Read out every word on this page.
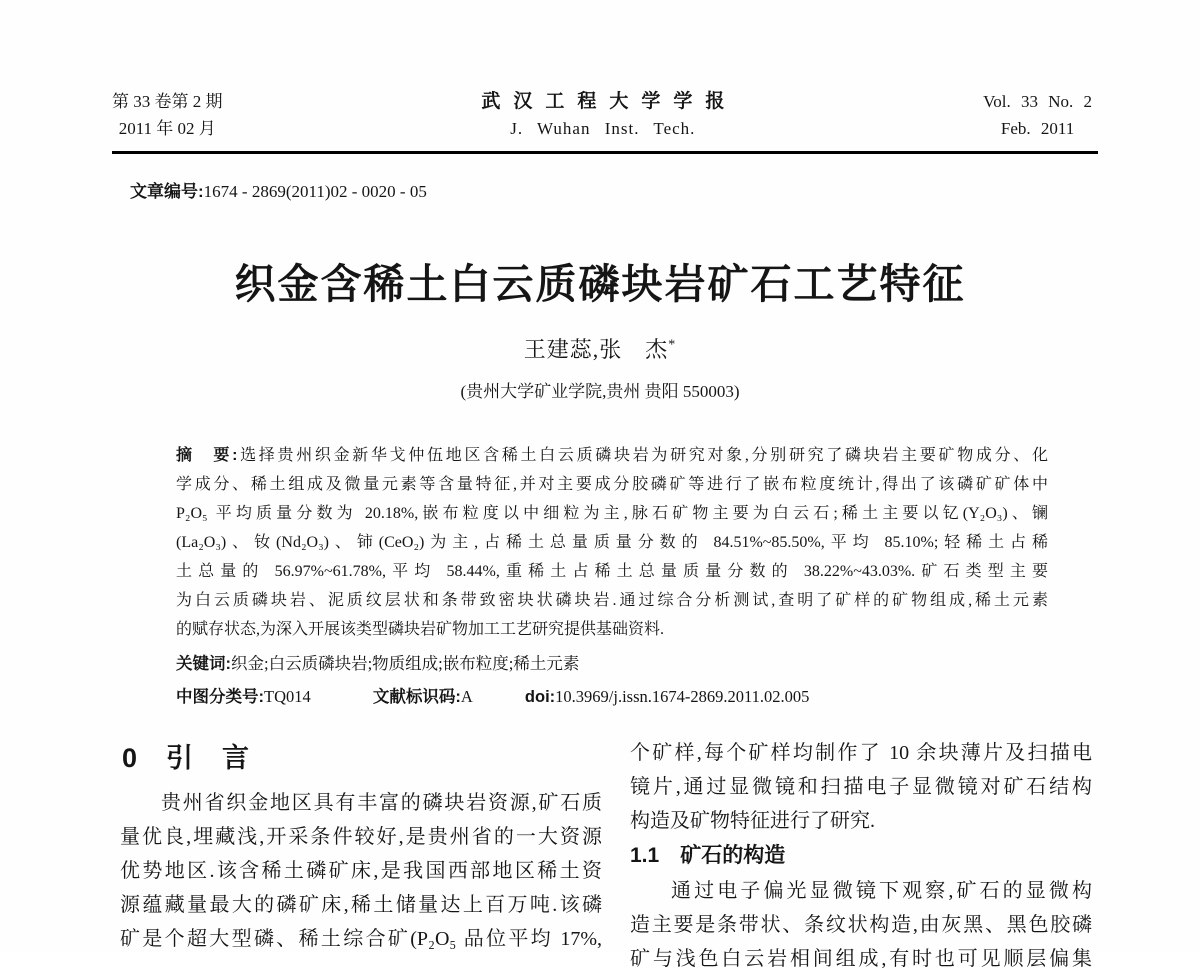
第 33 卷第 2 期
2011 年 02 月
武汉工程大学学报
J. Wuhan Inst. Tech.
Vol. 33 No. 2
Feb. 2011
文章编号:1674 - 2869(2011)02 - 0020 - 05
织金含稀土白云质磷块岩矿石工艺特征
王建蕊,张　杰*
(贵州大学矿业学院,贵州 贵阳 550003)
摘　要:选择贵州织金新华戈仲伍地区含稀土白云质磷块岩为研究对象,分别研究了磷块岩主要矿物成分、化
学成分、稀土组成及微量元素等含量特征,并对主要成分胶磷矿等进行了嵌布粒度统计,得出了该磷矿矿体中
P₂O₅ 平均质量分数为 20.18%,嵌布粒度以中细粒为主,脉石矿物主要为白云石;稀土主要以钇(Y₂O₃)、镧
(La₂O₃)、钕(Nd₂O₃)、铈(CeO₂)为主,占稀土总量质量分数的 84.51%~85.50%,平均 85.10%;轻稀土占稀
土总量的 56.97%~61.78%,平均 58.44%,重稀土占稀土总量质量分数的 38.22%~43.03%.矿石类型主要
为白云质磷块岩、泥质纹层状和条带致密块状磷块岩.通过综合分析测试,查明了矿样的矿物组成,稀土元素
的赋存状态,为深入开展该类型磷块岩矿物加工工艺研究提供基础资料.
关键词:织金;白云质磷块岩;物质组成;嵌布粒度;稀土元素
中图分类号:TQ014	文献标识码:A	doi:10.3969/j.issn.1674-2869.2011.02.005
0　引　言
贵州省织金地区具有丰富的磷块岩资源,矿石质
量优良,埋藏浅,开采条件较好,是贵州省的一大资源
优势地区.该含稀土磷矿床,是我国西部地区稀土资
源蕴藏量最大的磷矿床,稀土储量达上百万吨.该磷
矿是个超大型磷、稀土综合矿(P₂O₅ 品位平均 17%,
个矿样,每个矿样均制作了 10 余块薄片及扫描电
镜片,通过显微镜和扫描电子显微镜对矿石结构
构造及矿物特征进行了研究.
1.1　矿石的构造
通过电子偏光显微镜下观察,矿石的显微构
造主要是条带状、条纹状构造,由灰黑、黑色胶磷
矿与浅色白云岩相间组成,有时也可见顺层偏集
